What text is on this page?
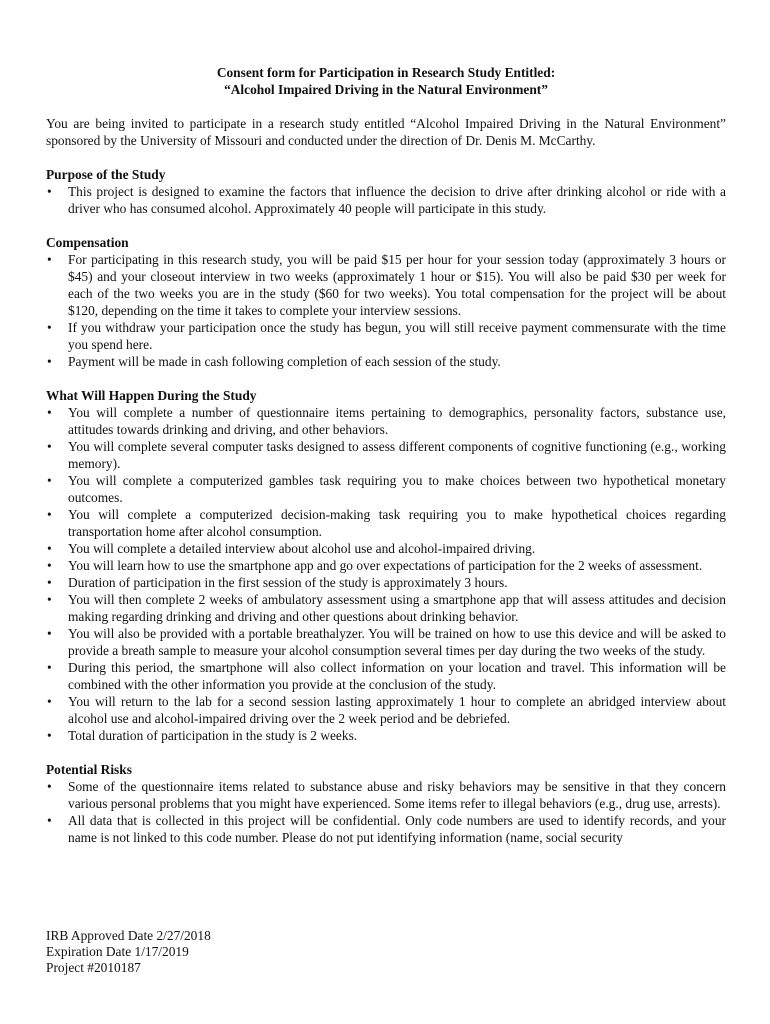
Consent form for Participation in Research Study Entitled:
“Alcohol Impaired Driving in the Natural Environment”
You are being invited to participate in a research study entitled “Alcohol Impaired Driving in the Natural Environment” sponsored by the University of Missouri and conducted under the direction of Dr. Denis M. McCarthy.
Purpose of the Study
• This project is designed to examine the factors that influence the decision to drive after drinking alcohol or ride with a driver who has consumed alcohol. Approximately 40 people will participate in this study.
Compensation
• For participating in this research study, you will be paid $15 per hour for your session today (approximately 3 hours or $45) and your closeout interview in two weeks (approximately 1 hour or $15). You will also be paid $30 per week for each of the two weeks you are in the study ($60 for two weeks). You total compensation for the project will be about $120, depending on the time it takes to complete your interview sessions.
• If you withdraw your participation once the study has begun, you will still receive payment commensurate with the time you spend here.
• Payment will be made in cash following completion of each session of the study.
What Will Happen During the Study
• You will complete a number of questionnaire items pertaining to demographics, personality factors, substance use, attitudes towards drinking and driving, and other behaviors.
• You will complete several computer tasks designed to assess different components of cognitive functioning (e.g., working memory).
• You will complete a computerized gambles task requiring you to make choices between two hypothetical monetary outcomes.
• You will complete a computerized decision-making task requiring you to make hypothetical choices regarding transportation home after alcohol consumption.
• You will complete a detailed interview about alcohol use and alcohol-impaired driving.
• You will learn how to use the smartphone app and go over expectations of participation for the 2 weeks of assessment.
• Duration of participation in the first session of the study is approximately 3 hours.
• You will then complete 2 weeks of ambulatory assessment using a smartphone app that will assess attitudes and decision making regarding drinking and driving and other questions about drinking behavior.
• You will also be provided with a portable breathalyzer. You will be trained on how to use this device and will be asked to provide a breath sample to measure your alcohol consumption several times per day during the two weeks of the study.
• During this period, the smartphone will also collect information on your location and travel. This information will be combined with the other information you provide at the conclusion of the study.
• You will return to the lab for a second session lasting approximately 1 hour to complete an abridged interview about alcohol use and alcohol-impaired driving over the 2 week period and be debriefed.
• Total duration of participation in the study is 2 weeks.
Potential Risks
• Some of the questionnaire items related to substance abuse and risky behaviors may be sensitive in that they concern various personal problems that you might have experienced. Some items refer to illegal behaviors (e.g., drug use, arrests).
• All data that is collected in this project will be confidential. Only code numbers are used to identify records, and your name is not linked to this code number. Please do not put identifying information (name, social security
IRB Approved Date 2/27/2018
Expiration Date 1/17/2019
Project #2010187
